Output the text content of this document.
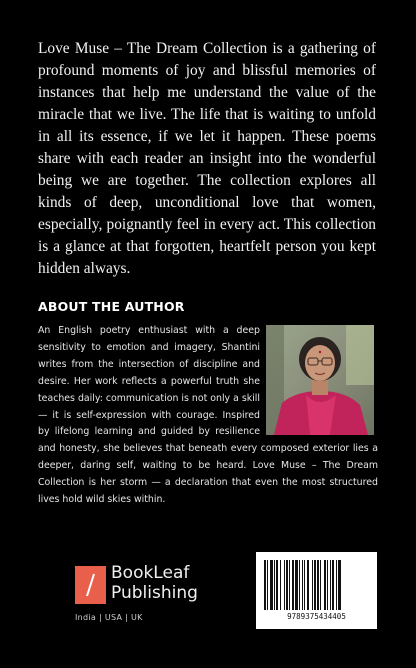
Love Muse – The Dream Collection is a gathering of profound moments of joy and blissful memories of instances that help me understand the value of the miracle that we live. The life that is waiting to unfold in all its essence, if we let it happen. These poems share with each reader an insight into the wonderful being we are together. The collection explores all kinds of deep, unconditional love that women, especially, poignantly feel in every act. This collection is a glance at that forgotten, heartfelt person you kept hidden always.

ABOUT THE AUTHOR

An English poetry enthusiast with a deep sensitivity to emotion and imagery, Shantini writes from the intersection of discipline and desire. Her work reflects a powerful truth she teaches daily: communication is not only a skill — it is self-expression with courage. Inspired by lifelong learning and guided by resilience and honesty, she believes that beneath every composed exterior lies a deeper, daring self, waiting to be heard. Love Muse – The Dream Collection is her storm — a declaration that even the most structured lives hold wild skies within.

BookLeaf
Publishing
India | USA | UK	9789375434405
